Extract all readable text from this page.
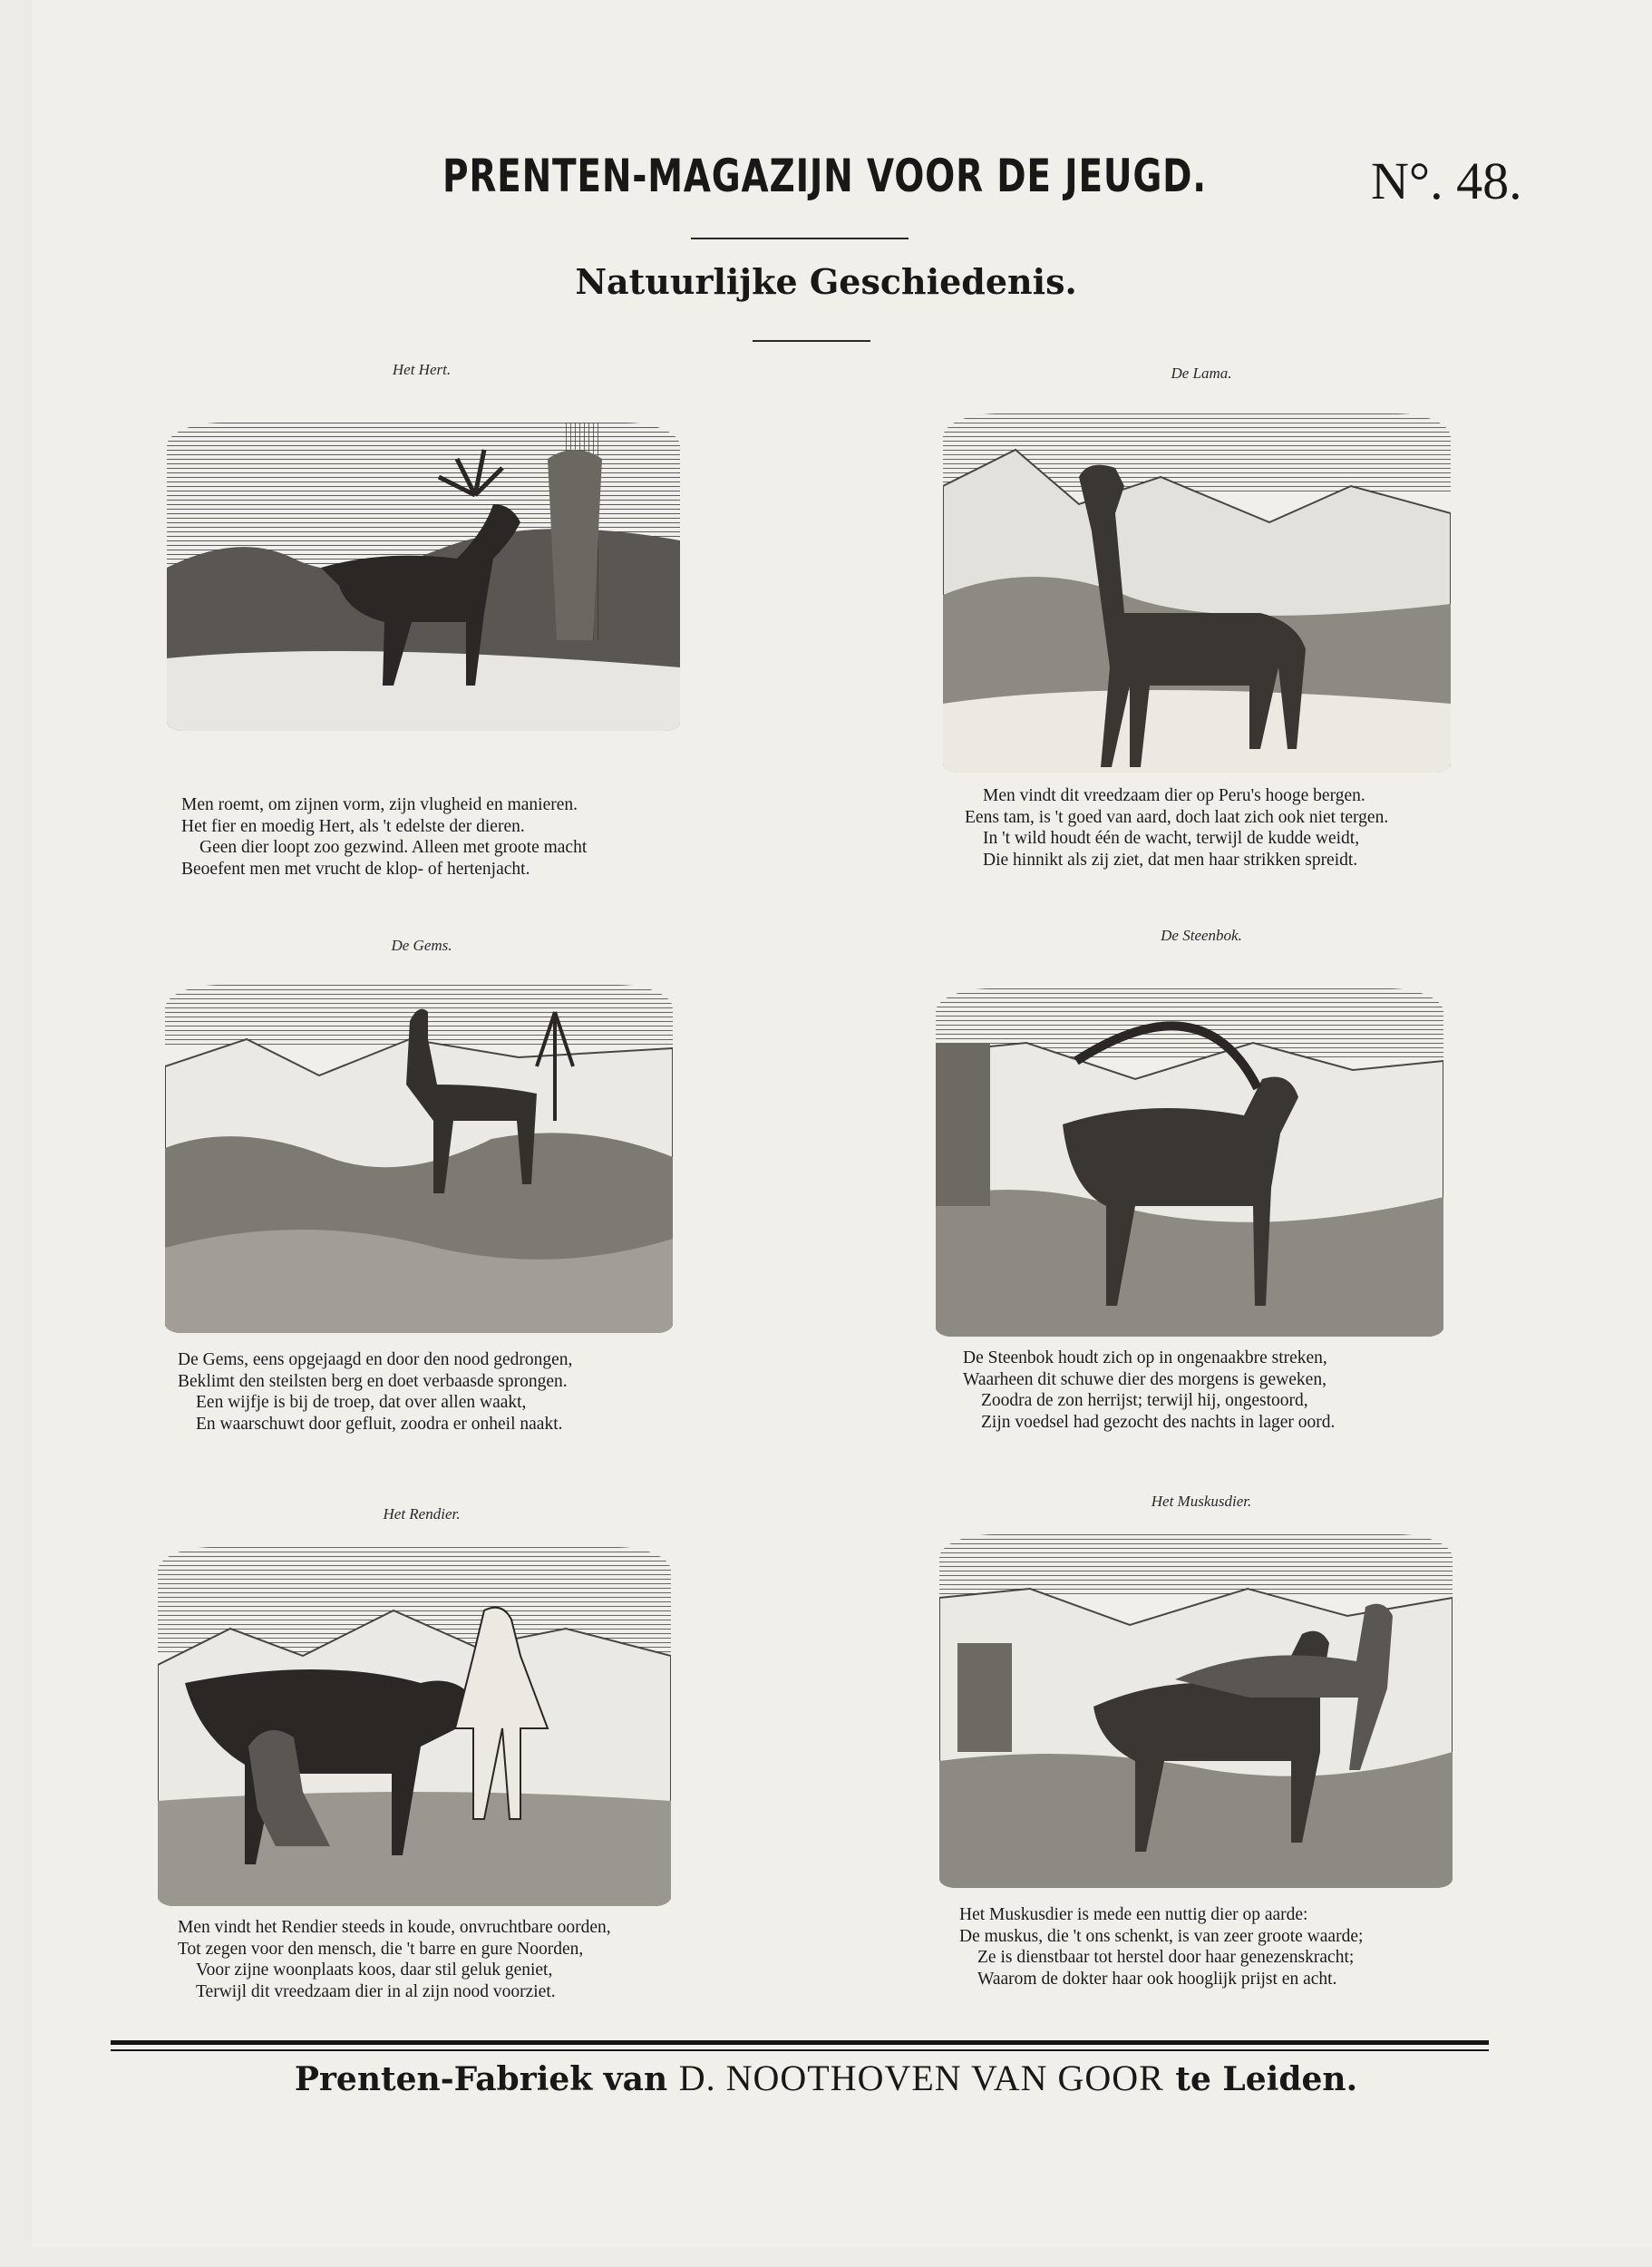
PRENTEN-MAGAZIJN VOOR DE JEUGD.	N°. 48.
Natuurlijke Geschiedenis.
Het Hert.
Men roemt, om zijnen vorm, zijn vlugheid en manieren.
Het fier en moedig Hert, als 't edelste der dieren.
Geen dier loopt zoo gezwind. Alleen met groote macht
Beoefent men met vrucht de klop- of hertenjacht.
De Lama.
Men vindt dit vreedzaam dier op Peru's hooge bergen.
Eens tam, is 't goed van aard, doch laat zich ook niet tergen.
In 't wild houdt één de wacht, terwijl de kudde weidt,
Die hinnikt als zij ziet, dat men haar strikken spreidt.
De Gems.
De Gems, eens opgejaagd en door den nood gedrongen,
Beklimt den steilsten berg en doet verbaasde sprongen.
Een wijfje is bij de troep, dat over allen waakt,
En waarschuwt door gefluit, zoodra er onheil naakt.
De Steenbok.
De Steenbok houdt zich op in ongenaakbre streken,
Waarheen dit schuwe dier des morgens is geweken,
Zoodra de zon herrijst; terwijl hij, ongestoord,
Zijn voedsel had gezocht des nachts in lager oord.
Het Rendier.
Men vindt het Rendier steeds in koude, onvruchtbare oorden,
Tot zegen voor den mensch, die 't barre en gure Noorden,
Voor zijne woonplaats koos, daar stil geluk geniet,
Terwijl dit vreedzaam dier in al zijn nood voorziet.
Het Muskusdier.
Het Muskusdier is mede een nuttig dier op aarde:
De muskus, die 't ons schenkt, is van zeer groote waarde;
Ze is dienstbaar tot herstel door haar genezenskracht;
Waarom de dokter haar ook hooglijk prijst en acht.
Prenten-Fabriek van D. NOOTHOVEN VAN GOOR te Leiden.
